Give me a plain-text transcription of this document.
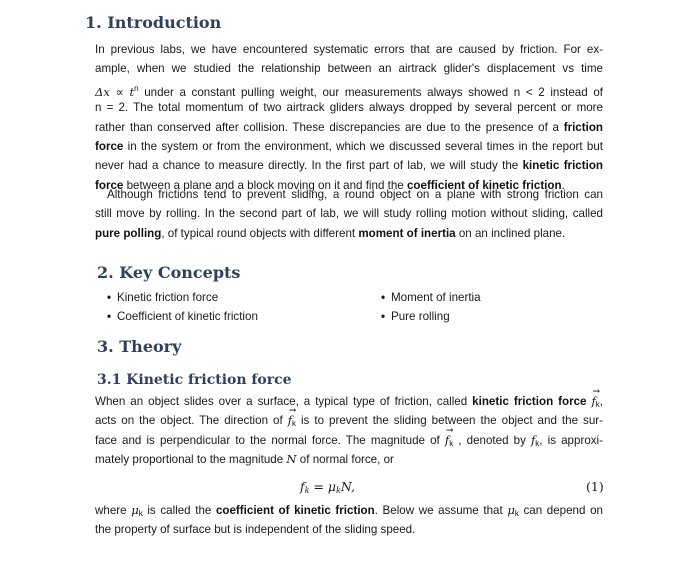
1. Introduction
In previous labs, we have encountered systematic errors that are caused by friction. For ex-
ample, when we studied the relationship between an airtrack glider's displacement vs time
$\Delta x \propto t^n$ under a constant pulling weight, our measurements always showed n < 2 instead of
n = 2. The total momentum of two airtrack gliders always dropped by several percent or more
rather than conserved after collision. These discrepancies are due to the presence of a friction
force in the system or from the environment, which we discussed several times in the report but
never had a chance to measure directly. In the first part of lab, we will study the kinetic friction
force between a plane and a block moving on it and find the coefficient of kinetic friction.
Although frictions tend to prevent sliding, a round object on a plane with strong friction can
still move by rolling. In the second part of lab, we will study rolling motion without sliding, called
pure polling, of typical round objects with different moment of inertia on an inclined plane.
2. Key Concepts
• Kinetic friction force
• Coefficient of kinetic friction
• Moment of inertia
• Pure rolling
3. Theory
3.1 Kinetic friction force
When an object slides over a surface, a typical type of friction, called kinetic friction force → $f_k$,
acts on the object. The direction of → $f_k$ is to prevent the sliding between the object and the sur-
face and is perpendicular to the normal force. The magnitude of → $f_k$ , denoted by $f_k$, is approxi-
mately proportional to the magnitude N of normal force, or
$f_k = \mu_kN$,	(1)
where $\mu_k$ is called the coefficient of kinetic friction. Below we assume that $\mu_k$ can depend on
the property of surface but is independent of the sliding speed.
